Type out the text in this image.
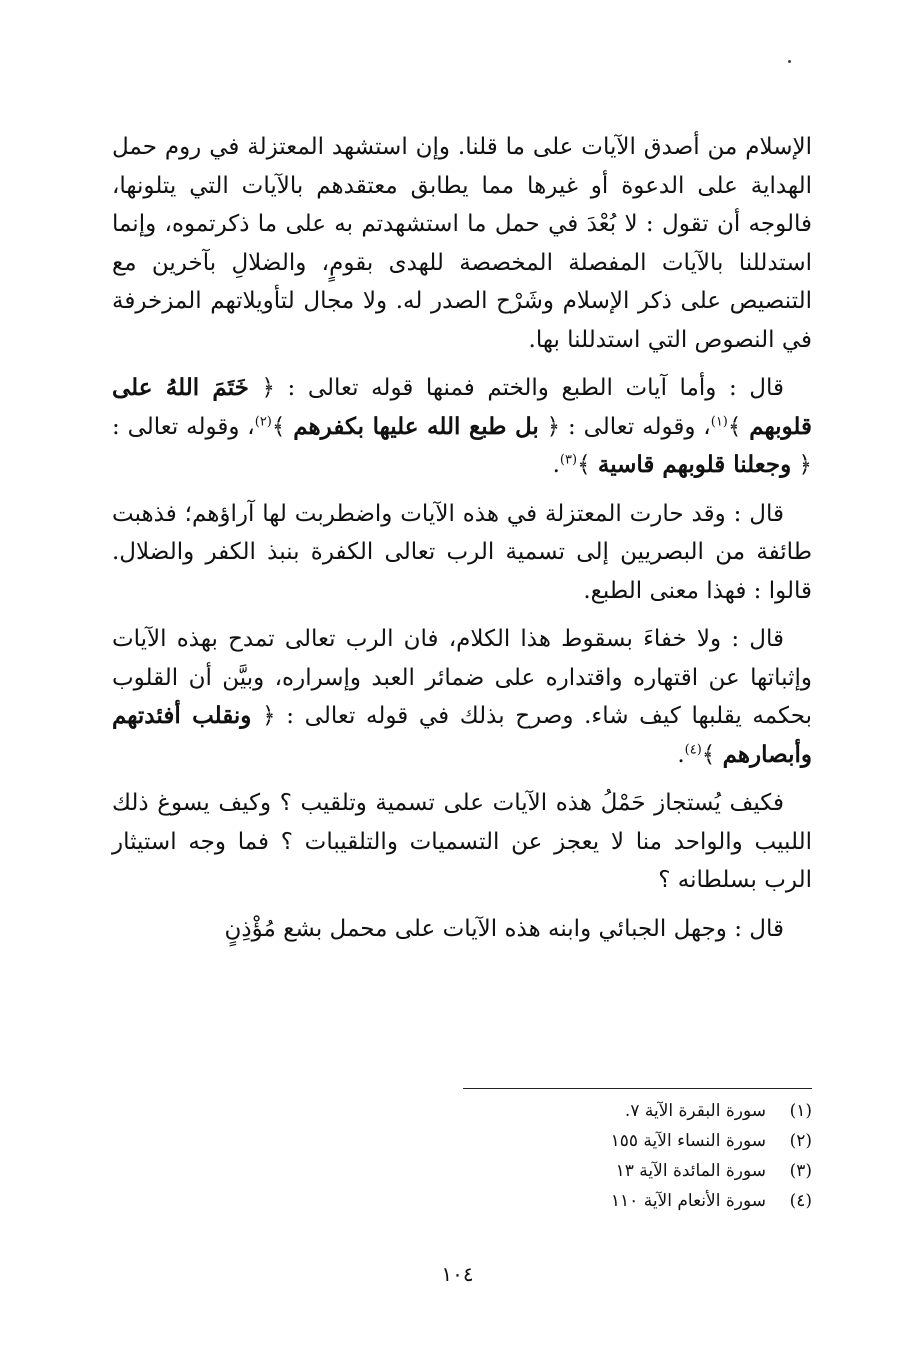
الإسلام من أصدق الآيات على ما قلنا. وإن استشهد المعتزلة في روم حمل الهداية على الدعوة أو غيرها مما يطابق معتقدهم بالآيات التي يتلونها، فالوجه أن تقول : لا بُعْدَ في حمل ما استشهدتم به على ما ذكرتموه، وإنما استدللنا بالآيات المفصلة المخصصة للهدى بقومٍ، والضلالِ بآخرين مع التنصيص على ذكر الإسلام وشَرْح الصدر له. ولا مجال لتأويلاتهم المزخرفة في النصوص التي استدللنا بها.

قال : وأما آيات الطبع والختم فمنها قوله تعالى : ﴿ خَتَمَ اللهُ على قلوبهم ﴾$^{(١)}$، وقوله تعالى : ﴿ بل طبع الله عليها بكفرهم ﴾$^{(٢)}$، وقوله تعالى : ﴿ وجعلنا قلوبهم قاسية ﴾$^{(٣)}$.

قال : وقد حارت المعتزلة في هذه الآيات واضطربت لها آراؤهم؛ فذهبت طائفة من البصريين إلى تسمية الرب تعالى الكفرة بنبذ الكفر والضلال. قالوا : فهذا معنى الطبع.

قال : ولا خفاءَ بسقوط هذا الكلام، فان الرب تعالى تمدح بهذه الآيات وإثباتها عن اقتهاره واقتداره على ضمائر العبد وإسراره، وبيَّن أن القلوب بحكمه يقلبها كيف شاء. وصرح بذلك في قوله تعالى : ﴿ ونقلب أفئدتهم وأبصارهم ﴾$^{(٤)}$.

فكيف يُستجاز حَمْلُ هذه الآيات على تسمية وتلقيب ؟ وكيف يسوغ ذلك اللبيب والواحد منا لا يعجز عن التسميات والتلقيبات ؟ فما وجه استيثار الرب بسلطانه ؟

قال : وجهل الجبائي وابنه هذه الآيات على محمل بشع مُؤْذِنٍ

(١)
سورة البقرة الآية ٧.
(٢)
سورة النساء الآية ١٥٥
(٣)
سورة المائدة الآية ١٣
(٤)
سورة الأنعام الآية ١١٠
١٠٤
